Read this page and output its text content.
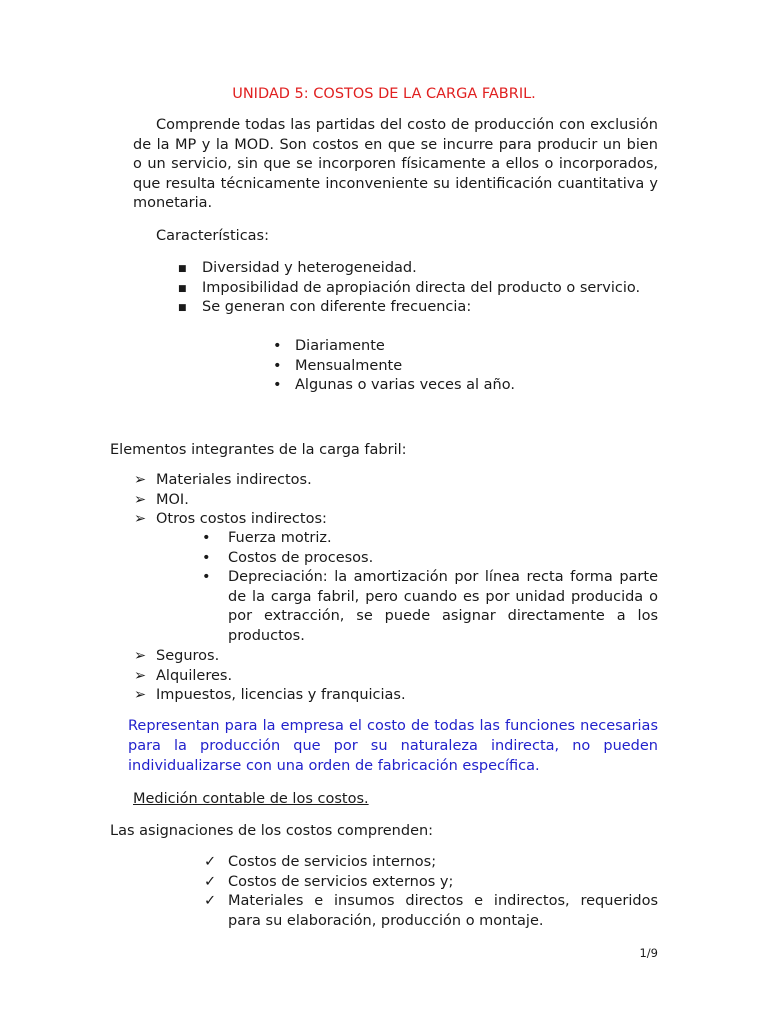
UNIDAD 5: COSTOS DE LA CARGA FABRIL.

Comprende todas las partidas del costo de producción con exclusión de la MP y la MOD. Son costos en que se incurre para producir un bien o un servicio, sin que se incorporen físicamente a ellos o incorporados, que resulta técnicamente inconveniente su identificación cuantitativa y monetaria.

Características:

■ Diversidad y heterogeneidad.
■ Imposibilidad de apropiación directa del producto o servicio.
■ Se generan con diferente frecuencia:
• Diariamente
• Mensualmente
• Algunas o varias veces al año.

Elementos integrantes de la carga fabril:

➢ Materiales indirectos.
➢ MOI.
➢ Otros costos indirectos:
• Fuerza motriz.
• Costos de procesos.
• Depreciación: la amortización por línea recta forma parte de la carga fabril, pero cuando es por unidad producida o por extracción, se puede asignar directamente a los productos.
➢ Seguros.
➢ Alquileres.
➢ Impuestos, licencias y franquicias.

Representan para la empresa el costo de todas las funciones necesarias para la producción que por su naturaleza indirecta, no pueden individualizarse con una orden de fabricación específica.

Medición contable de los costos.

Las asignaciones de los costos comprenden:

✓ Costos de servicios internos;
✓ Costos de servicios externos y;
✓ Materiales e insumos directos e indirectos, requeridos para su elaboración, producción o montaje.
1/9
